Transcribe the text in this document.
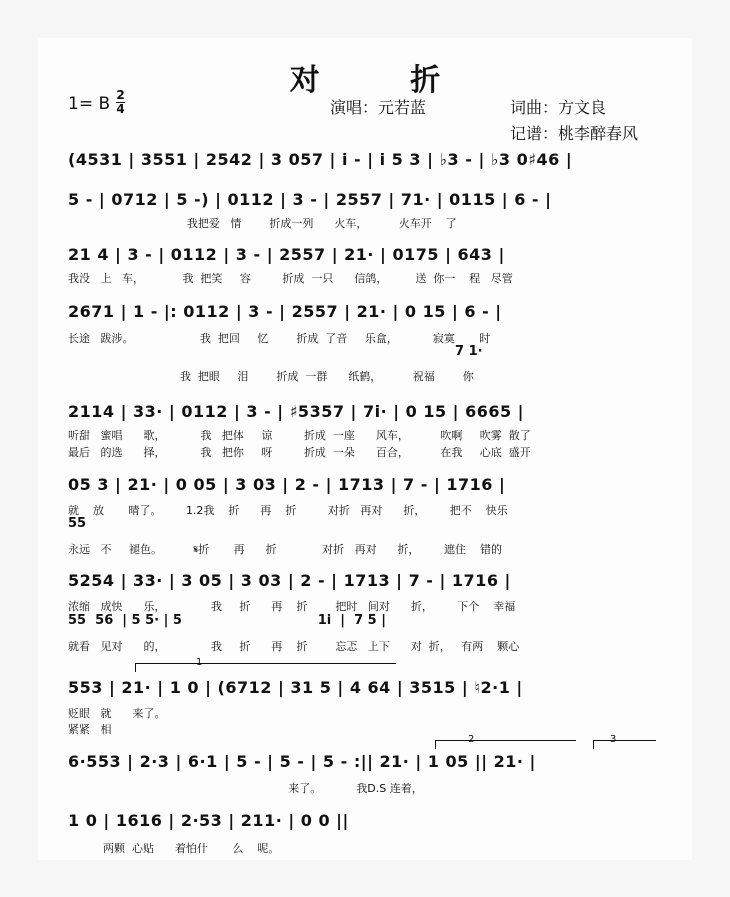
对 折
1= B 2
4	演唱：元若蓝	词曲：方文良
记谱：桃李醉春风
(4531 | 3551 | 2542 | 3 057 | i - | i 5 3 | ♭3 - | ♭3 0♯46 |
5 - | 0712 | 5 -) | 0112 | 3 - | 2557 | 71· | 0115 | 6 - |
我把爱   情        折成一列      火车，         火车开    了
21 4 | 3 - | 0112 | 3 - | 2557 | 21· | 0175 | 643 |
我没   上   车，           我  把笑     容         折成  一只      信鸽，        送  你一    程   尽管
2671 | 1 - |: 0112 | 3 - | 2557 | 21· | 0 15 | 6 - |
长途   跋涉。                   我  把回     忆        折成  了音     乐盒，          寂寞       时
7 1·
我  把眼     泪        折成  一群      纸鹤，         祝福        你
2114 | 33· | 0112 | 3 - | ♯5357 | 7i· | 0 15 | 6665 |
听甜   蜜唱      歌，          我   把体     谅         折成  一座      风车，         吹啊     吹雾  散了
最后   的选      择，          我   把你     呀         折成  一朵      百合，         在我     心底  盛开
05 3 | 21· | 0 05 | 3 03 | 2 - | 1713 | 7 - | 1716 |
就    放       晴了。       1.2我    折      再    折         对折   再对      折，       把不    快乐
55
永远   不     褪色。         𝄋折       再      折             对折   再对      折，       遮住    错的
5254 | 33· | 3 05 | 3 03 | 2 - | 1713 | 7 - | 1716 |
浓缩   成快      乐，             我     折      再    折        把时   间对      折，       下个    幸福
55  56  | 5 5· | 5                              1i  |  7 5 |
就看   见对      的，             我     折      再    折        忘忑   上下      对  折，   有两    颗心
1
553 | 21· | 1 0 | (6712 | 31 5 | 4 64 | 3515 | ♮2·1 |
贬眼   就      来了。
紧紧   相
2	3
6·553 | 2·3 | 6·1 | 5 - | 5 - | 5 - :|| 21· | 1 05 || 21· |
来了。          我D.S 连着，
1 0 | 1616 | 2·53 | 211· | 0 0 ||
两颗  心贴      着怕什       么    呢。
